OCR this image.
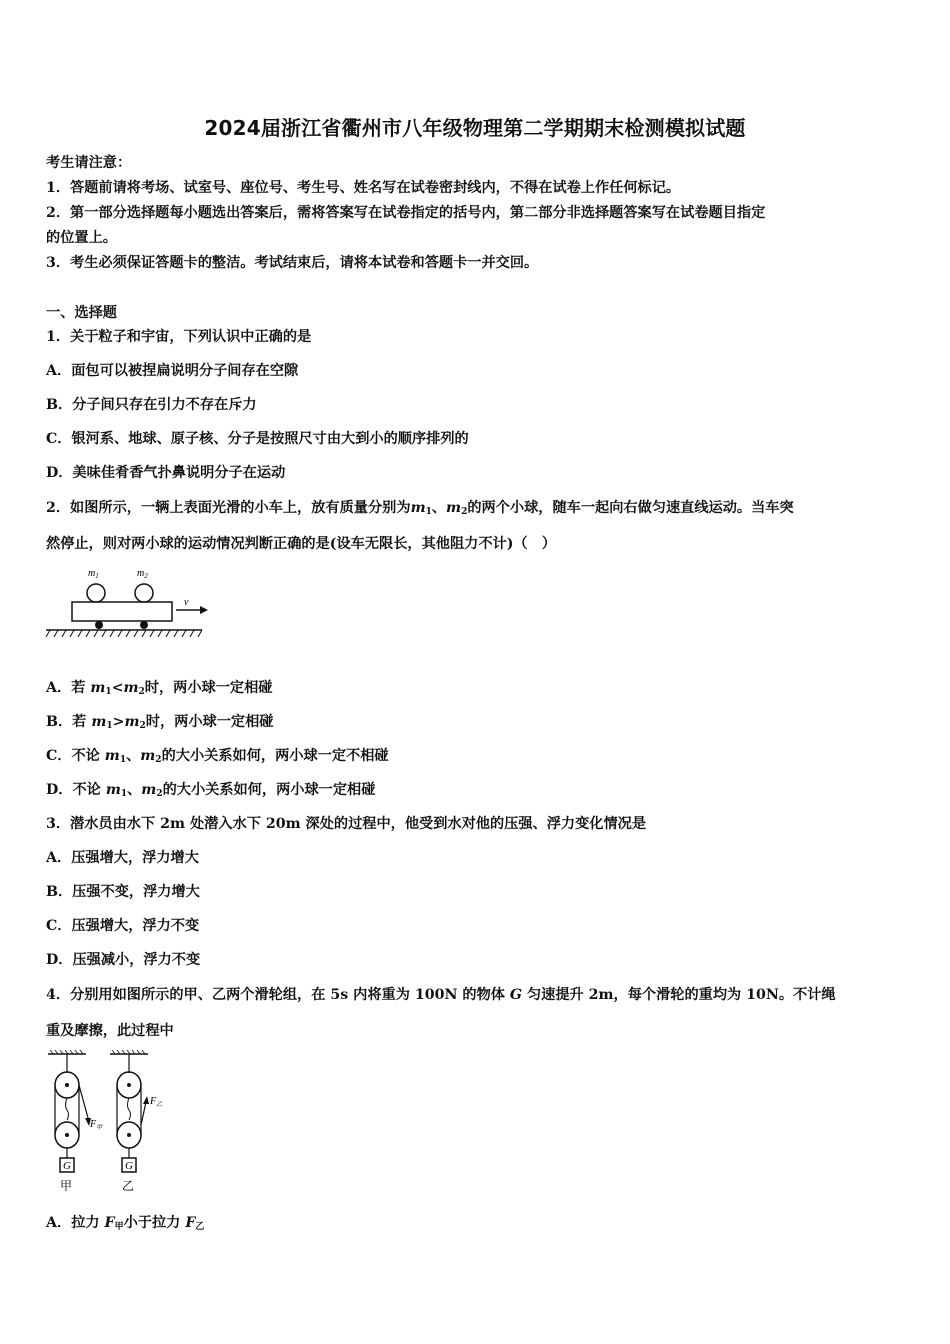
2024届浙江省衢州市八年级物理第二学期期末检测模拟试题
考生请注意：
1．答题前请将考场、试室号、座位号、考生号、姓名写在试卷密封线内，不得在试卷上作任何标记。
2．第一部分选择题每小题选出答案后，需将答案写在试卷指定的括号内，第二部分非选择题答案写在试卷题目指定
的位置上。
3．考生必须保证答题卡的整洁。考试结束后，请将本试卷和答题卡一并交回。
一、选择题
1．关于粒子和宇宙，下列认识中正确的是
A．面包可以被捏扁说明分子间存在空隙
B．分子间只存在引力不存在斥力
C．银河系、地球、原子核、分子是按照尺寸由大到小的顺序排列的
D．美味佳肴香气扑鼻说明分子在运动
2．如图所示，一辆上表面光滑的小车上，放有质量分别为$m_1$、$m_2$的两个小球，随车一起向右做匀速直线运动。当车突
然停止，则对两小球的运动情况判断正确的是(设车无限长，其他阻力不计)（　）
$m_1$	$m_2$
v
A．若 $m_1<m_2$时，两小球一定相碰
B．若 $m_1>m_2$时，两小球一定相碰
C．不论 $m_1$、$m_2$的大小关系如何，两小球一定不相碰
D．不论 $m_1$、$m_2$的大小关系如何，两小球一定相碰
3．潜水员由水下 2m 处潜入水下 20m 深处的过程中，他受到水对他的压强、浮力变化情况是
A．压强增大，浮力增大
B．压强不变，浮力增大
C．压强增大，浮力不变
D．压强减小，浮力不变
4．分别用如图所示的甲、乙两个滑轮组，在 5s 内将重为 100N 的物体 G 匀速提升 2m，每个滑轮的重均为 10N。不计绳
重及摩擦，此过程中
G
甲
$F_甲$
G
乙
$F_乙$
A．拉力 $F_甲$小于拉力 $F_乙$
